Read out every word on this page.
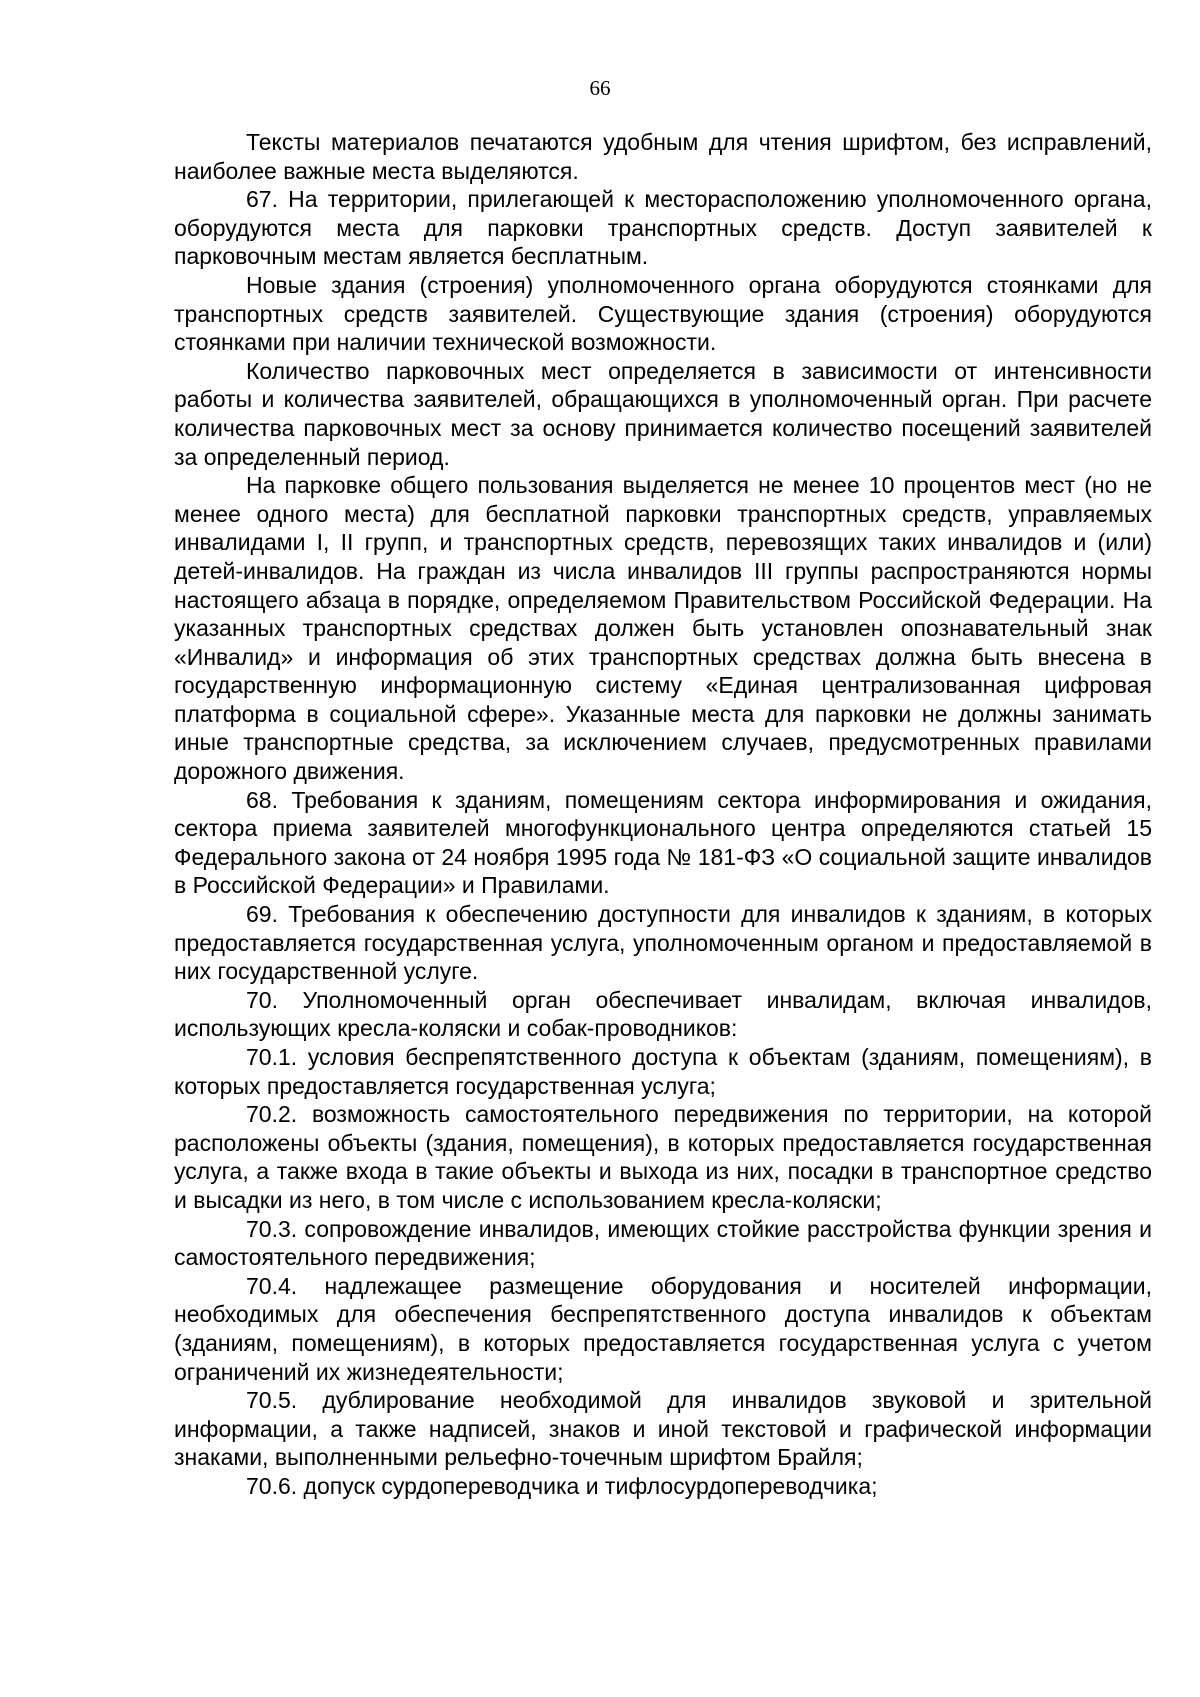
66

Тексты материалов печатаются удобным для чтения шрифтом, без исправлений, наиболее важные места выделяются.

67. На территории, прилегающей к месторасположению уполномоченного органа, оборудуются места для парковки транспортных средств. Доступ заявителей к парковочным местам является бесплатным.

Новые здания (строения) уполномоченного органа оборудуются стоянками для транспортных средств заявителей. Существующие здания (строения) оборудуются стоянками при наличии технической возможности.

Количество парковочных мест определяется в зависимости от интенсивности работы и количества заявителей, обращающихся в уполномоченный орган. При расчете количества парковочных мест за основу принимается количество посещений заявителей за определенный период.

На парковке общего пользования выделяется не менее 10 процентов мест (но не менее одного места) для бесплатной парковки транспортных средств, управляемых инвалидами I, II групп, и транспортных средств, перевозящих таких инвалидов и (или) детей-инвалидов. На граждан из числа инвалидов III группы распространяются нормы настоящего абзаца в порядке, определяемом Правительством Российской Федерации. На указанных транспортных средствах должен быть установлен опознавательный знак «Инвалид» и информация об этих транспортных средствах должна быть внесена в государственную информационную систему «Единая централизованная цифровая платформа в социальной сфере». Указанные места для парковки не должны занимать иные транспортные средства, за исключением случаев, предусмотренных правилами дорожного движения.

68. Требования к зданиям, помещениям сектора информирования и ожидания, сектора приема заявителей многофункционального центра определяются статьей 15 Федерального закона от 24 ноября 1995 года № 181-ФЗ «О социальной защите инвалидов в Российской Федерации» и Правилами.

69. Требования к обеспечению доступности для инвалидов к зданиям, в которых предоставляется государственная услуга, уполномоченным органом и предоставляемой в них государственной услуге.

70. Уполномоченный орган обеспечивает инвалидам, включая инвалидов, использующих кресла-коляски и собак-проводников:

70.1. условия беспрепятственного доступа к объектам (зданиям, помещениям), в которых предоставляется государственная услуга;

70.2. возможность самостоятельного передвижения по территории, на которой расположены объекты (здания, помещения), в которых предоставляется государственная услуга, а также входа в такие объекты и выхода из них, посадки в транспортное средство и высадки из него, в том числе с использованием кресла-коляски;

70.3. сопровождение инвалидов, имеющих стойкие расстройства функции зрения и самостоятельного передвижения;

70.4. надлежащее размещение оборудования и носителей информации, необходимых для обеспечения беспрепятственного доступа инвалидов к объектам (зданиям, помещениям), в которых предоставляется государственная услуга с учетом ограничений их жизнедеятельности;

70.5. дублирование необходимой для инвалидов звуковой и зрительной информации, а также надписей, знаков и иной текстовой и графической информации знаками, выполненными рельефно-точечным шрифтом Брайля;

70.6. допуск сурдопереводчика и тифлосурдопереводчика;
